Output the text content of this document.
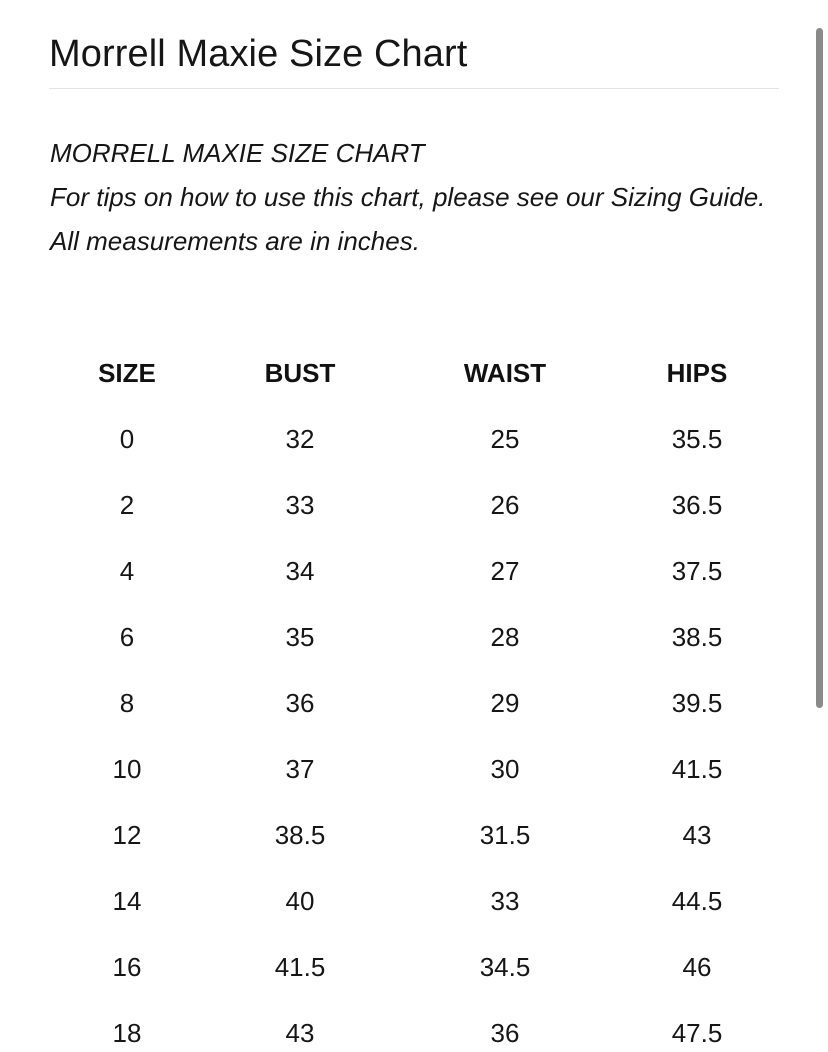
Morrell Maxie Size Chart

MORRELL MAXIE SIZE CHART

For tips on how to use this chart, please see our Sizing Guide.

All measurements are in inches.

SIZE	BUST	WAIST	HIPS
0	32	25	35.5
2	33	26	36.5
4	34	27	37.5
6	35	28	38.5
8	36	29	39.5
10	37	30	41.5
12	38.5	31.5	43
14	40	33	44.5
16	41.5	34.5	46
18	43	36	47.5
